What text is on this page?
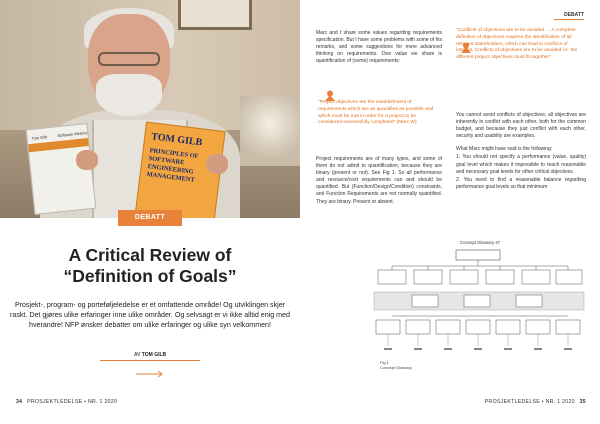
Tom Gilb Software Metrics	TOM GILB
PRINCIPLES OF SOFTWARE ENGINEERING MANAGEMENT
DEBATT
A Critical Review of
“Definition of Goals”
Prosjekt-, program- og porteføljeledelse er et omfattende område! Og utviklingen skjer raskt. Det gjøres ulike erfaringer inne ulike områder. Og selvsagt er vi ikke alltid enig med hverandre! NFP ønsker debatter om ulike erfaringer og ulike syn velkommen!
AV TOM GILB
34 PROSJEKTLEDELSE • NR. 1 2020
DEBATT

Marc and I share some values regarding requirements specification. But I have some problems with some of his remarks, and some suggestions for more advanced thinking on requirements. One value we share is quantification of (some) requirements:

“Project objectives are the establishment of requirements which are as quantified as possible and which must be met in order for a project to be considered successfully completed” (Marc W)

Project requirements are of many types, and some of them do not admit to quantification, because they are binary (present or not). See Fig 1. So all performance and resource/cost requirements can and should be quantified. But (Function/Design/Condition) constraints, and Function Requirements are not normally quantified. They are binary. Present or absent.

“Conflicts of objectives are to be avoided … A complete definition of objectives requires the identification of all relevant stakeholders, which can lead to conflicts of interest. Conflicts of objectives are to be avoided i.e. the different project objectives must fit together”

You cannot avoid conflicts of objectives; all objectives are inherently in conflict with each other, both for the common budget, and because they just conflict with each other, security and usability are examples.

What Marc might have said is the following:

1. You should not specify a performance (value, quality) goal level which makes it impossible to reach reasonable and necessary goal levels for other critical objectives.

2. You need to find a reasonable balance regarding performance goal levels so that minimum

Concept Glossary 47
Fig 1
Concept Glossary
PROSJEKTLEDELSE • NR. 1 2020 35
